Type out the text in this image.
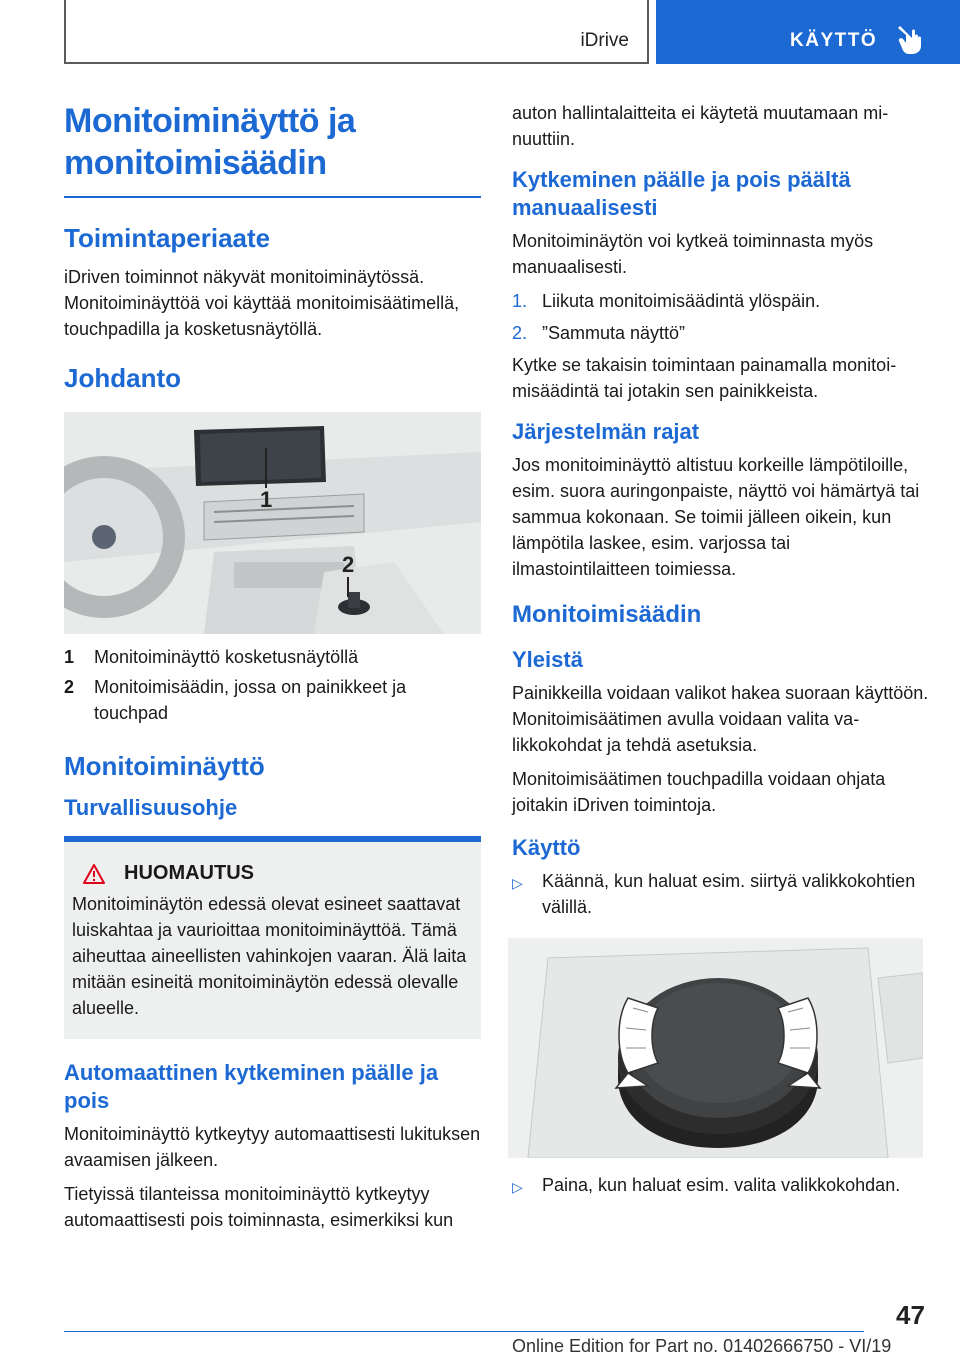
iDrive	KÄYTTÖ
Monitoiminäyttö ja monitoimisäädin
Toimintaperiaate

iDriven toiminnot näkyvät monitoiminäytössä. Monitoiminäyttöä voi käyttää monitoimisäätimellä, touchpadilla ja kosketusnäytöllä.

Johdanto
1
2
1	Monitoiminäyttö kosketusnäytöllä
2	Monitoimisäädin, jossa on painikkeet ja touchpad
Monitoiminäyttö
Turvallisuusohje
HUOMAUTUS

Monitoiminäytön edessä olevat esineet saattavat luiskahtaa ja vaurioittaa monitoiminäyttöä. Tämä aiheuttaa aineellisten vahinkojen vaaran. Älä laita mitään esineitä monitoiminäytön edessä olevalle alueelle.

Automaattinen kytkeminen päälle ja pois

Monitoiminäyttö kytkeytyy automaattisesti lukituksen avaamisen jälkeen.

Tietyissä tilanteissa monitoiminäyttö kytkeytyy automaattisesti pois toiminnasta, esimerkiksi kun

auton hallintalaitteita ei käytetä muutamaan minuuttiin.

Kytkeminen päälle ja pois päältä manuaalisesti

Monitoiminäytön voi kytkeä toiminnasta myös manuaalisesti.

1. Liikuta monitoimisäädintä ylöspäin.
2. ”Sammuta näyttö”

Kytke se takaisin toimintaan painamalla monitoimisäädintä tai jotakin sen painikkeista.

Järjestelmän rajat

Jos monitoiminäyttö altistuu korkeille lämpötiloille, esim. suora auringonpaiste, näyttö voi hämärtyä tai sammua kokonaan. Se toimii jälleen oikein, kun lämpötila laskee, esim. varjossa tai ilmastointilaitteen toimiessa.

Monitoimisäädin
Yleistä

Painikkeilla voidaan valikot hakea suoraan käyttöön. Monitoimisäätimen avulla voidaan valita valikkokohdat ja tehdä asetuksia.

Monitoimisäätimen touchpadilla voidaan ohjata joitakin iDriven toimintoja.

Käyttö
▷	Käännä, kun haluat esim. siirtyä valikkokohtien välillä.
▷	Paina, kun haluat esim. valita valikkokohdan.
47
Online Edition for Part no. 01402666750 - VI/19
